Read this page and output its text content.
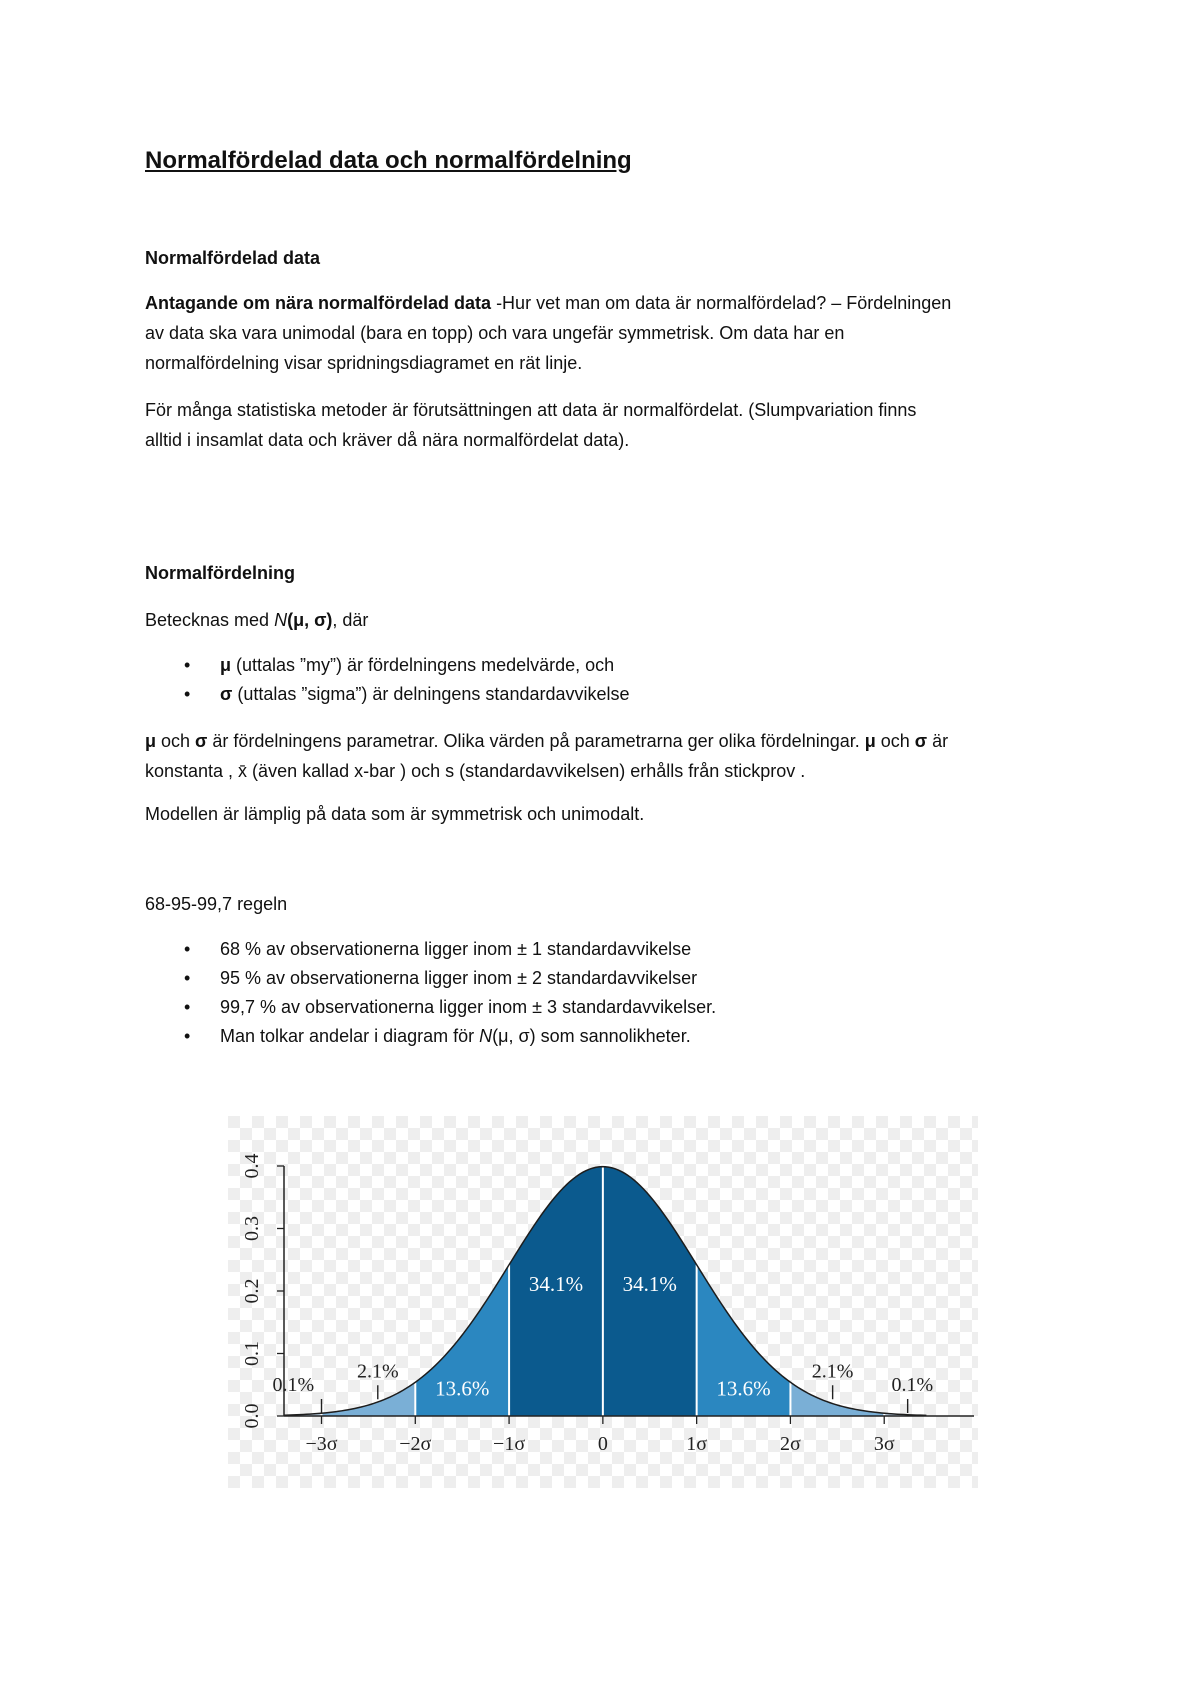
Normalfördelad data och normalfördelning
Normalfördelad data

Antagande om nära normalfördelad data -Hur vet man om data är normalfördelad? – Fördelningen
av data ska vara unimodal (bara en topp) och vara ungefär symmetrisk. Om data har en
normalfördelning visar spridningsdiagramet en rät linje.

För många statistiska metoder är förutsättningen att data är normalfördelat. (Slumpvariation finns
alltid i insamlat data och kräver då nära normalfördelat data).

Normalfördelning

Betecknas med N(μ, σ), där

• μ (uttalas ”my”) är fördelningens medelvärde, och
• σ (uttalas ”sigma”) är delningens standardavvikelse

μ och σ är fördelningens parametrar. Olika värden på parametrarna ger olika fördelningar. μ och σ är
konstanta , x̄ (även kallad x-bar ) och s (standardavvikelsen) erhålls från stickprov .

Modellen är lämplig på data som är symmetrisk och unimodalt.

68-95-99,7 regeln

• 68 % av observationerna ligger inom ± 1 standardavvikelse
• 95 % av observationerna ligger inom ± 2 standardavvikelser
• 99,7 % av observationerna ligger inom ± 3 standardavvikelser.
• Man tolkar andelar i diagram för N(μ, σ) som sannolikheter.
0.0
0.1
0.2
0.3
0.4
−3σ	−2σ	−1σ	0	1σ	2σ	3σ
0.1%
2.1%
13.6%
34.1% 34.1%
13.6%
2.1%
0.1%
